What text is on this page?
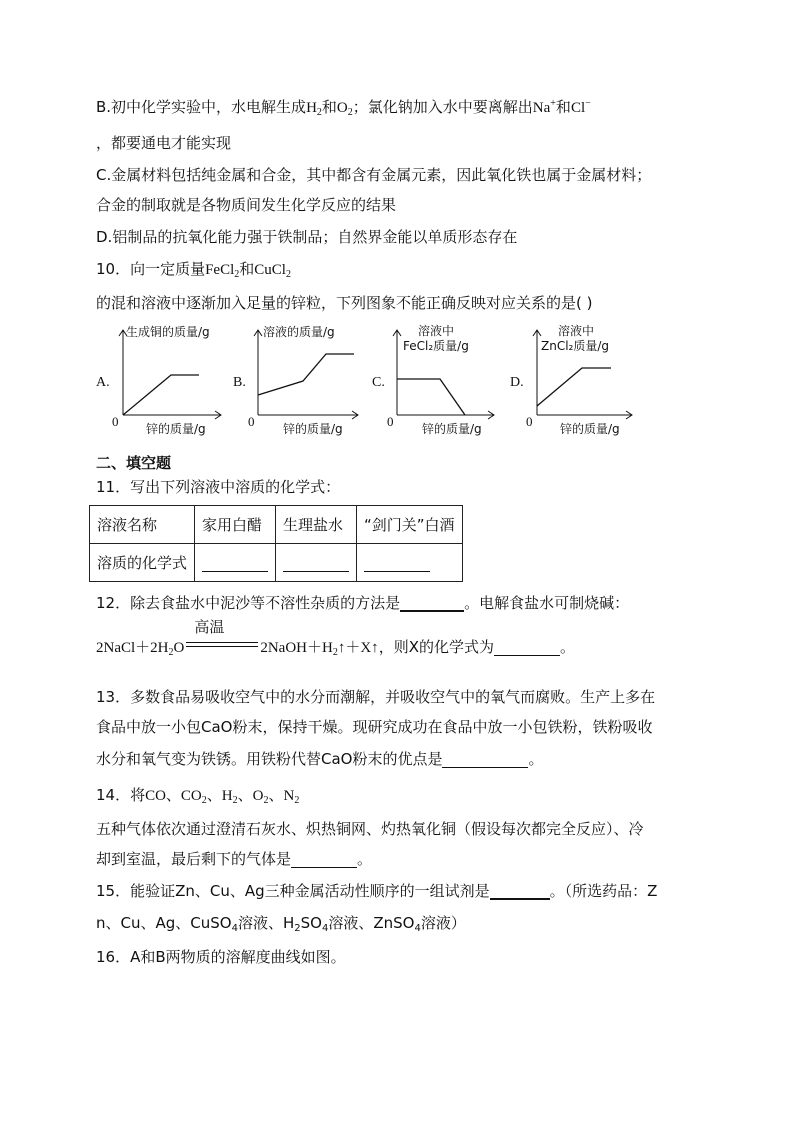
B.初中化学实验中，水电解生成$H_2$和$O_2$；氯化钠加入水中要离解出Na+和Cl−
，都要通电才能实现
C.金属材料包括纯金属和合金，其中都含有金属元素，因此氧化铁也属于金属材料；
合金的制取就是各物质间发生化学反应的结果
D.铝制品的抗氧化能力强于铁制品；自然界金能以单质形态存在
10．向一定质量FeCl$_2$和CuCl$_2$
的混和溶液中逐渐加入足量的锌粒，下列图象不能正确反映对应关系的是( )
A.
生成铜的质量/g
0 锌的质量/g
B.
溶液的质量/g
0 锌的质量/g
C.
溶液中
FeCl₂质量/g
0 锌的质量/g
D.
溶液中
ZnCl₂质量/g
0 锌的质量/g
二、填空题
11．写出下列溶液中溶质的化学式：
溶液名称	家用白醋	生理盐水	“剑门关”白酒
溶质的化学式			
12．除去食盐水中泥沙等不溶性杂质的方法是	。电解食盐水可制烧碱：
$2NaCl+2H_2O$
高温
$2NaOH+H_2↑+X↑$，则X的化学式为	。
13．多数食品易吸收空气中的水分而潮解，并吸收空气中的氧气而腐败。生产上多在
食品中放一小包CaO粉末，保持干燥。现研究成功在食品中放一小包铁粉，铁粉吸收
水分和氧气变为铁锈。用铁粉代替CaO粉末的优点是	。
14．将CO、$CO_2$、$H_2$、$O_2$、$N_2$
五种气体依次通过澄清石灰水、炽热铜网、灼热氧化铜（假设每次都完全反应）、冷
却到室温，最后剩下的气体是	。
15．能验证Zn、Cu、Ag三种金属活动性顺序的一组试剂是	。（所选药品：Z
n、Cu、Ag、CuSO$_4$溶液、$H_2SO_4$溶液、ZnSO$_4$溶液）
16．A和B两物质的溶解度曲线如图。
